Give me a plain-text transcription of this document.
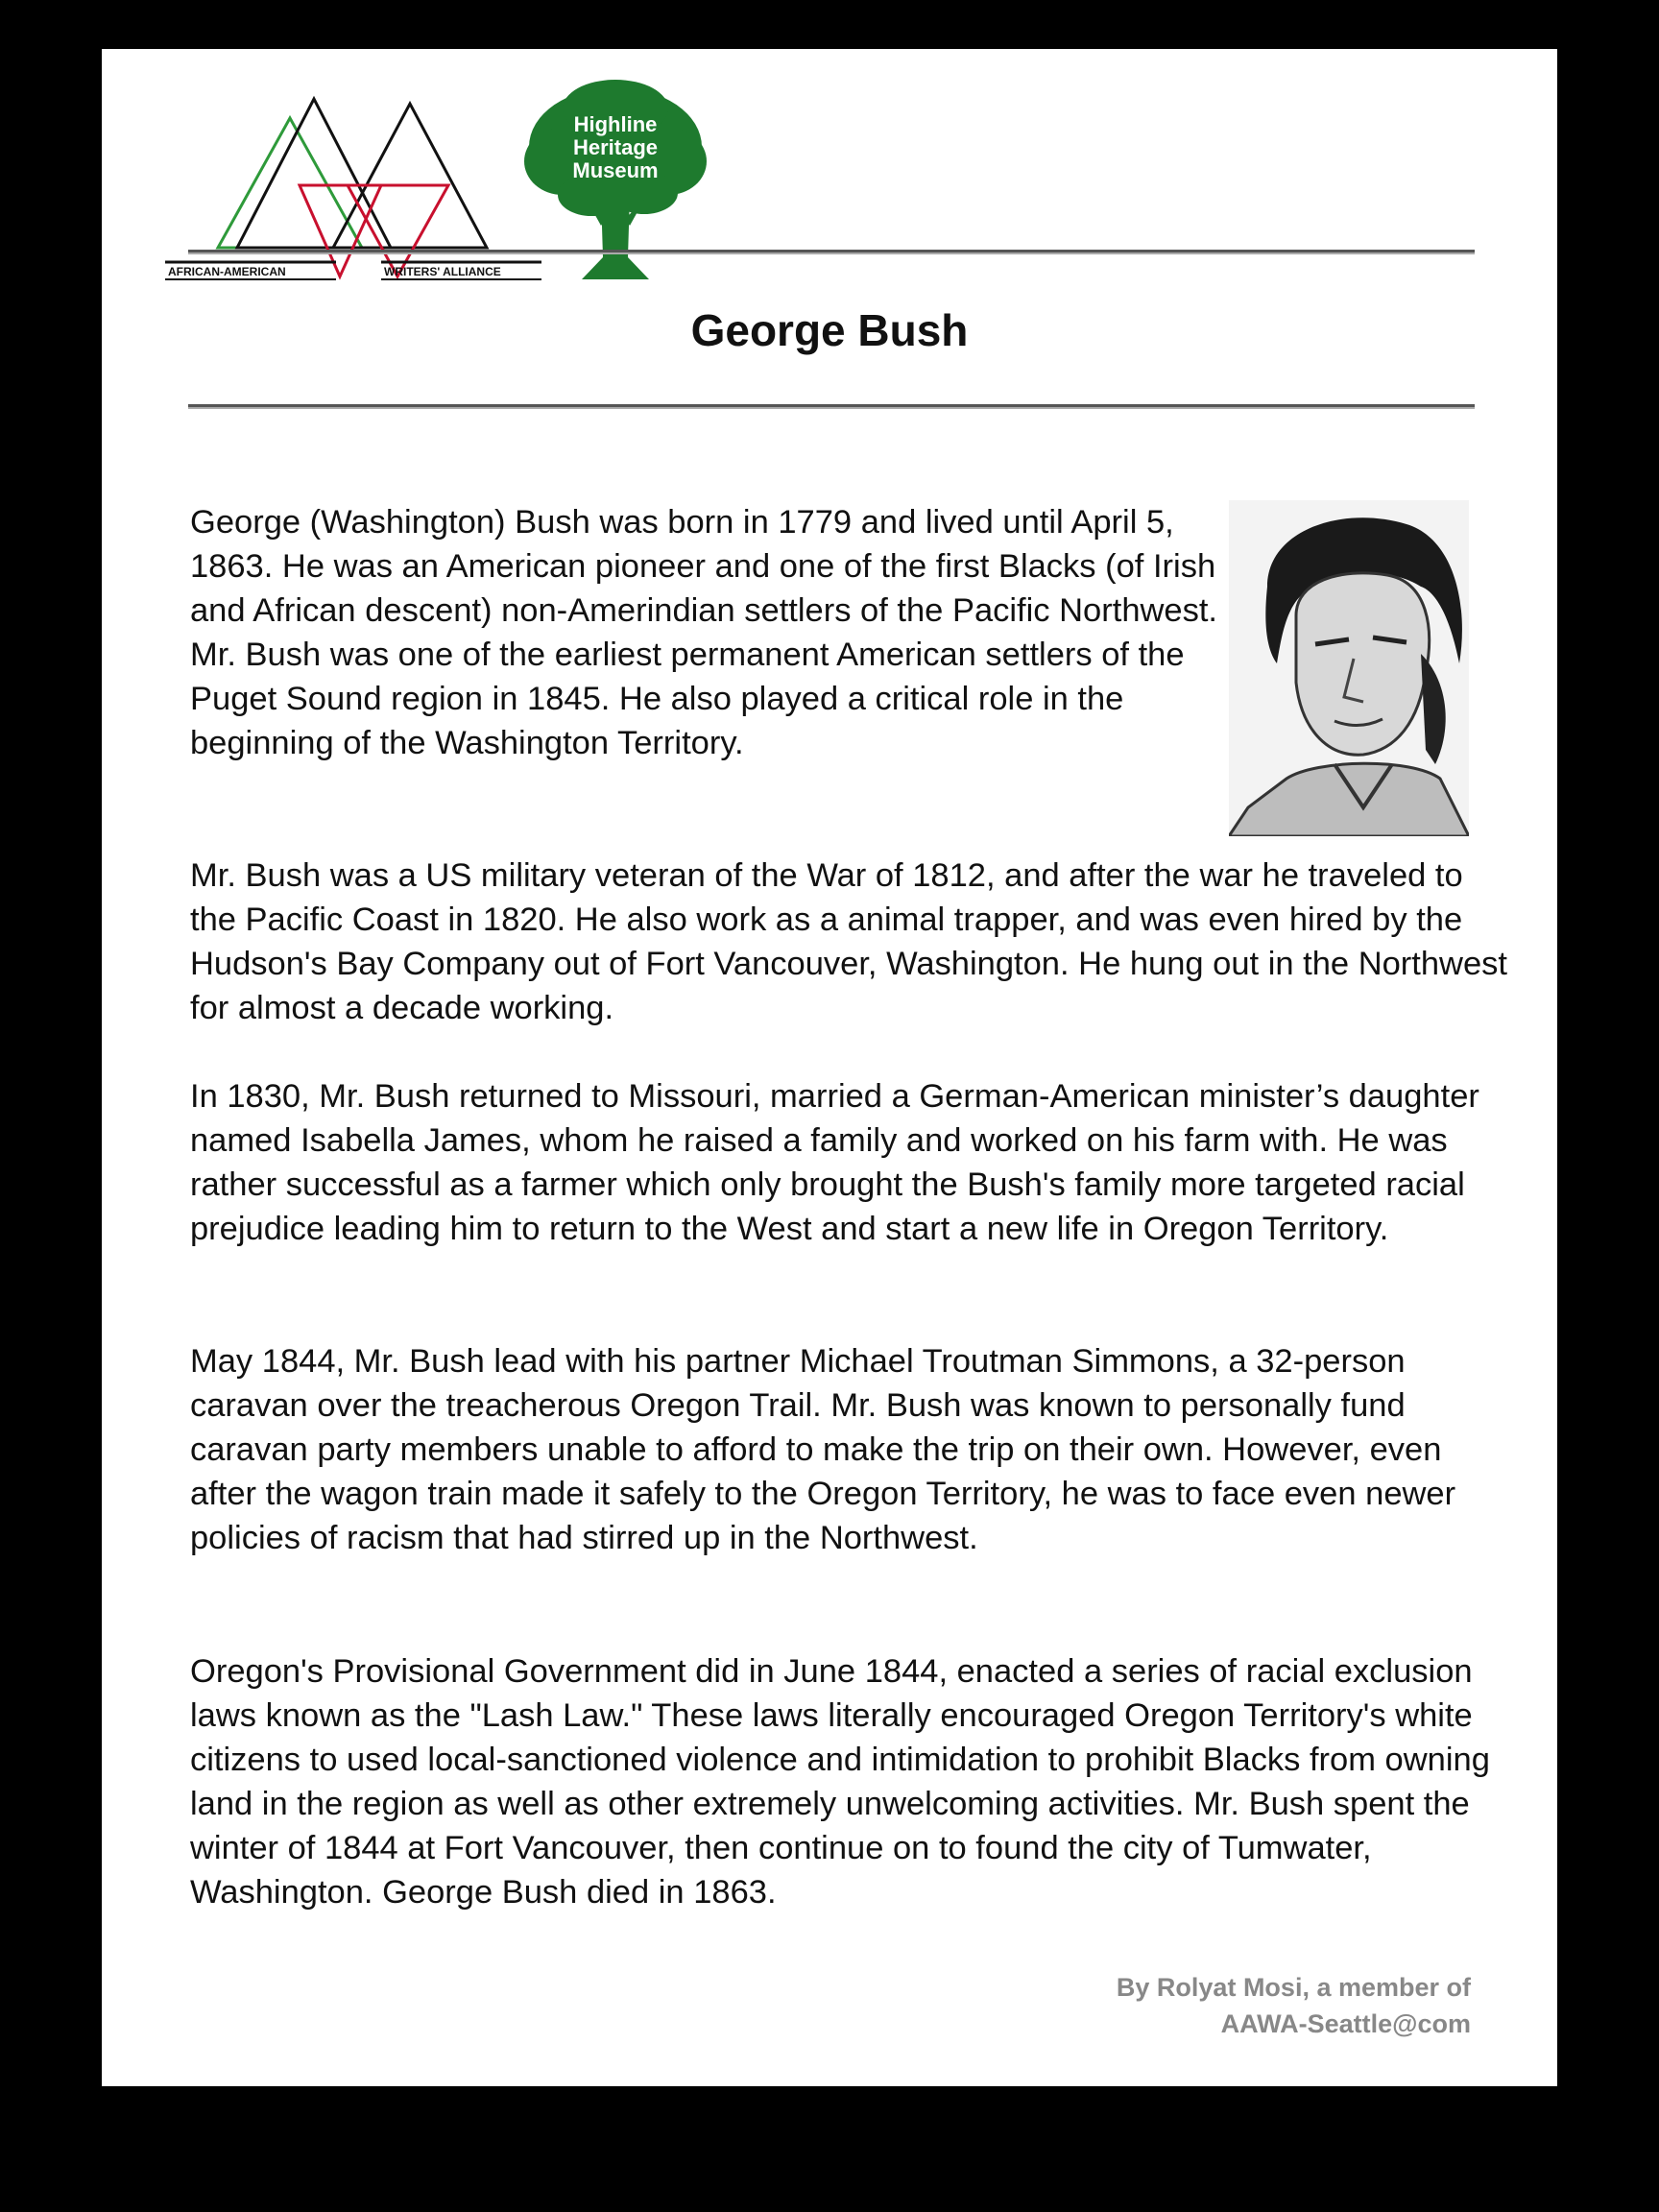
AFRICAN-AMERICAN	WRITERS' ALLIANCE
Highline
Heritage
Museum
George Bush

George (Washington) Bush was born in 1779 and lived until April 5, 1863. He was an American pioneer and one of the first Blacks (of Irish and African descent) non-Amerindian settlers of the Pacific Northwest. Mr. Bush was one of the earliest permanent American settlers of the Puget Sound region in 1845. He also played a critical role in the beginning of the Washington Territory.

Mr. Bush was a US military veteran of the War of 1812, and after the war he traveled to the Pacific Coast in 1820. He also work as a animal trapper, and was even hired by the Hudson's Bay Company out of Fort Vancouver, Washington. He hung out in the Northwest for almost a decade working.

In 1830, Mr. Bush returned to Missouri, married a German-American minister’s daughter named Isabella James, whom he raised a family and worked on his farm with. He was rather successful as a farmer which only brought the Bush's family more targeted racial prejudice leading him to return to the West and start a new life in Oregon Territory.

May 1844, Mr. Bush lead with his partner Michael Troutman Simmons, a 32-person caravan over the treacherous Oregon Trail. Mr. Bush was known to personally fund caravan party members unable to afford to make the trip on their own. However, even after the wagon train made it safely to the Oregon Territory, he was to face even newer policies of racism that had stirred up in the Northwest.

Oregon's Provisional Government did in June 1844, enacted a series of racial exclusion laws known as the "Lash Law." These laws literally encouraged Oregon Territory's white citizens to used local-sanctioned violence and intimidation to prohibit Blacks from owning land in the region as well as other extremely unwelcoming activities. Mr. Bush spent the winter of 1844 at Fort Vancouver, then continue on to found the city of Tumwater, Washington. George Bush died in 1863.

By Rolyat Mosi, a member of
AAWA-Seattle@com
